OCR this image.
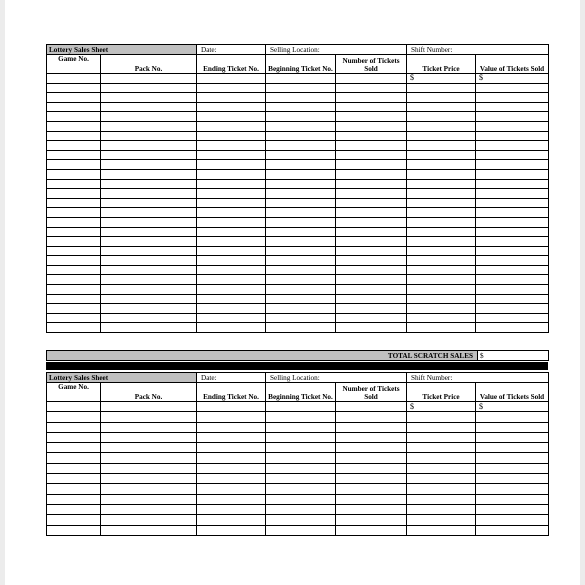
Lottery Sales Sheet		Date:	Selling Location:		Shift Number:	
Game No.	Pack No.	Ending Ticket No.	Beginning Ticket No.	Number of Tickets Sold	Ticket Price	Value of Tickets Sold
					$	$

TOTAL SCRATCH SALES	$
Lottery Sales Sheet		Date:	Selling Location:		Shift Number:	
Game No.	Pack No.	Ending Ticket No.	Beginning Ticket No.	Number of Tickets Sold	Ticket Price	Value of Tickets Sold
					$	$
